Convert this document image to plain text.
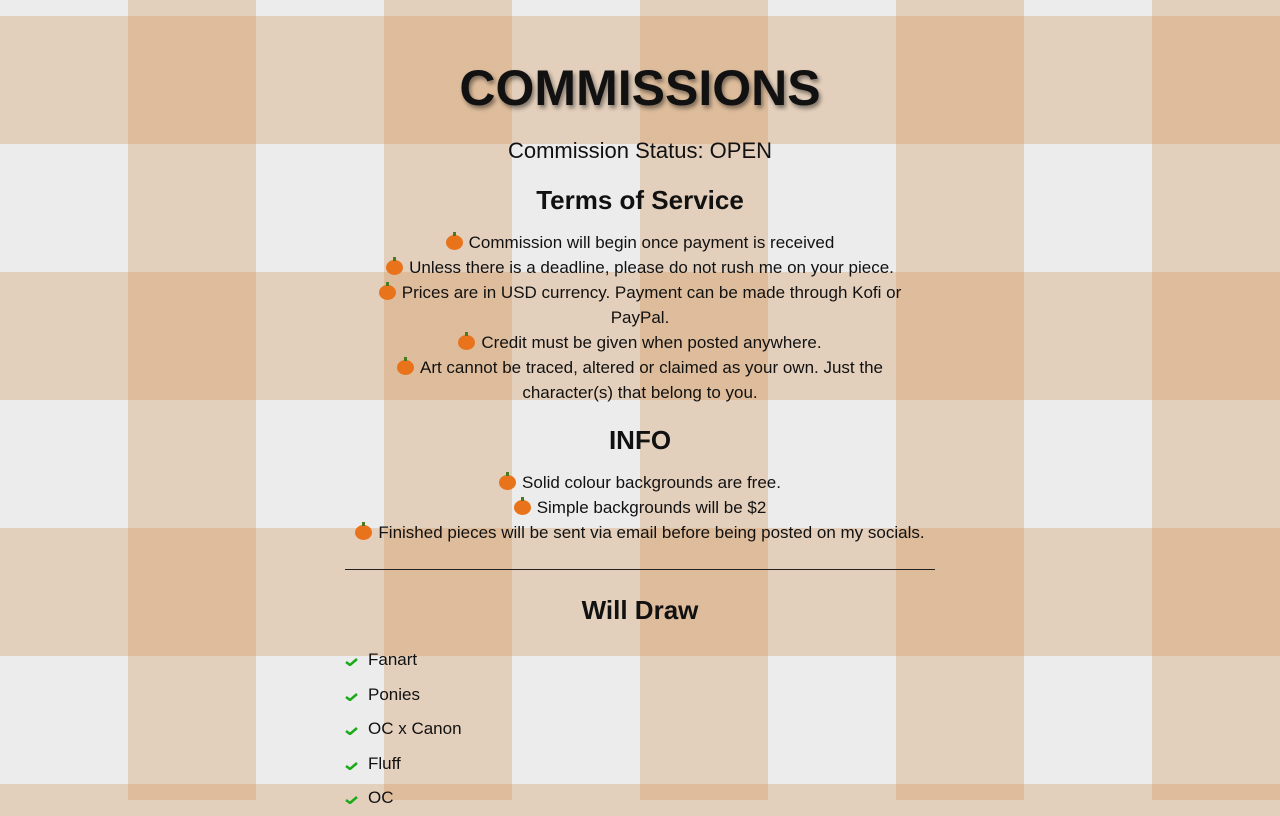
COMMISSIONS
Commission Status: OPEN
Terms of Service
Commission will begin once payment is received
Unless there is a deadline, please do not rush me on your piece.
Prices are in USD currency. Payment can be made through Kofi or PayPal.
Credit must be given when posted anywhere.
Art cannot be traced, altered or claimed as your own. Just the character(s) that belong to you.
INFO
Solid colour backgrounds are free.
Simple backgrounds will be $2
Finished pieces will be sent via email before being posted on my socials.
Will Draw
Fanart
Ponies
OC x Canon
Fluff
OC
